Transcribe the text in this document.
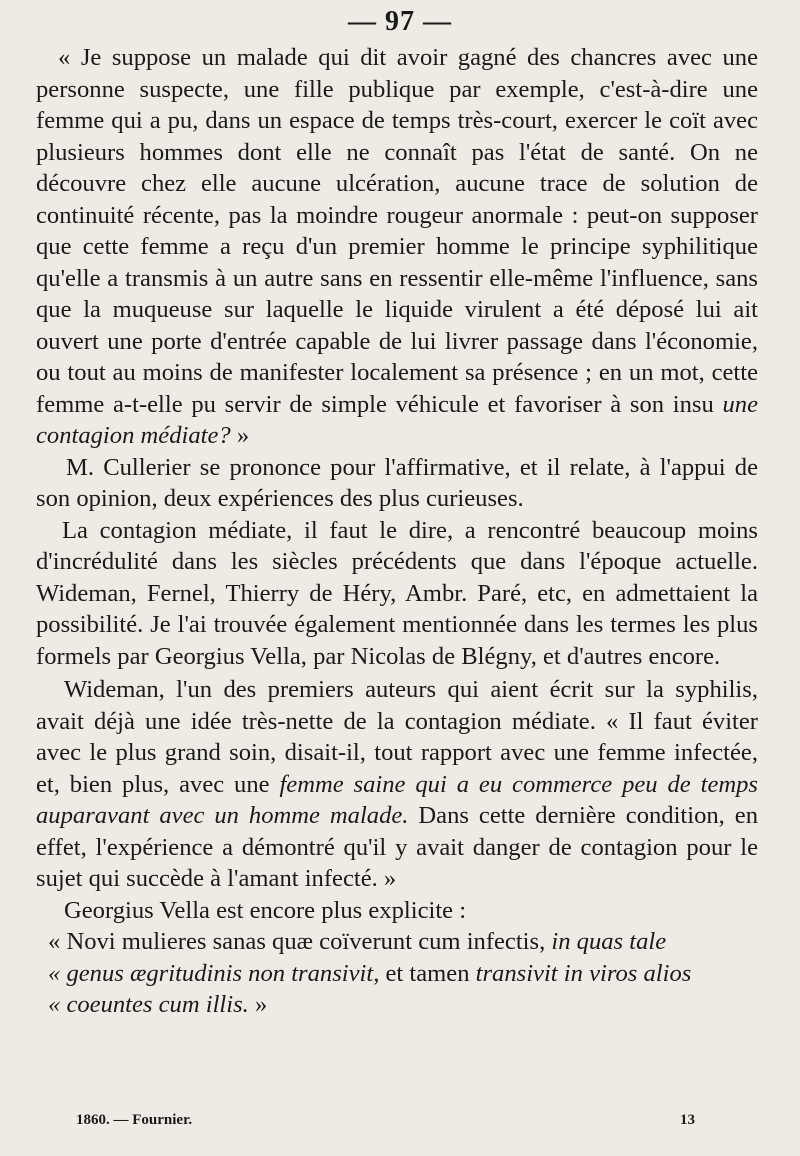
— 97 —

« Je suppose un malade qui dit avoir gagné des chancres avec une personne suspecte, une fille publique par exemple, c'est-à-dire une femme qui a pu, dans un espace de temps très-court, exercer le coït avec plusieurs hommes dont elle ne connaît pas l'état de santé. On ne découvre chez elle aucune ulcération, aucune trace de solution de continuité récente, pas la moindre rougeur anormale : peut-on supposer que cette femme a reçu d'un premier homme le principe syphilitique qu'elle a transmis à un autre sans en ressentir elle-même l'influence, sans que la muqueuse sur laquelle le liquide virulent a été déposé lui ait ouvert une porte d'entrée capable de lui livrer passage dans l'économie, ou tout au moins de manifester localement sa présence ; en un mot, cette femme a-t-elle pu servir de simple véhicule et favoriser à son insu une contagion médiate? »

M. Cullerier se prononce pour l'affirmative, et il relate, à l'appui de son opinion, deux expériences des plus curieuses.

La contagion médiate, il faut le dire, a rencontré beaucoup moins d'incrédulité dans les siècles précédents que dans l'époque actuelle. Wideman, Fernel, Thierry de Héry, Ambr. Paré, etc, en admettaient la possibilité. Je l'ai trouvée également mentionnée dans les termes les plus formels par Georgius Vella, par Nicolas de Blégny, et d'autres encore.

Wideman, l'un des premiers auteurs qui aient écrit sur la syphilis, avait déjà une idée très-nette de la contagion médiate. « Il faut éviter avec le plus grand soin, disait-il, tout rapport avec une femme infectée, et, bien plus, avec une femme saine qui a eu commerce peu de temps auparavant avec un homme malade. Dans cette dernière condition, en effet, l'expérience a démontré qu'il y avait danger de contagion pour le sujet qui succède à l'amant infecté. »

Georgius Vella est encore plus explicite :

« Novi mulieres sanas quæ coïverunt cum infectis, in quas tale

« genus ægritudinis non transivit, et tamen transivit in viros alios

« coeuntes cum illis. »

1860. — Fournier.	13
